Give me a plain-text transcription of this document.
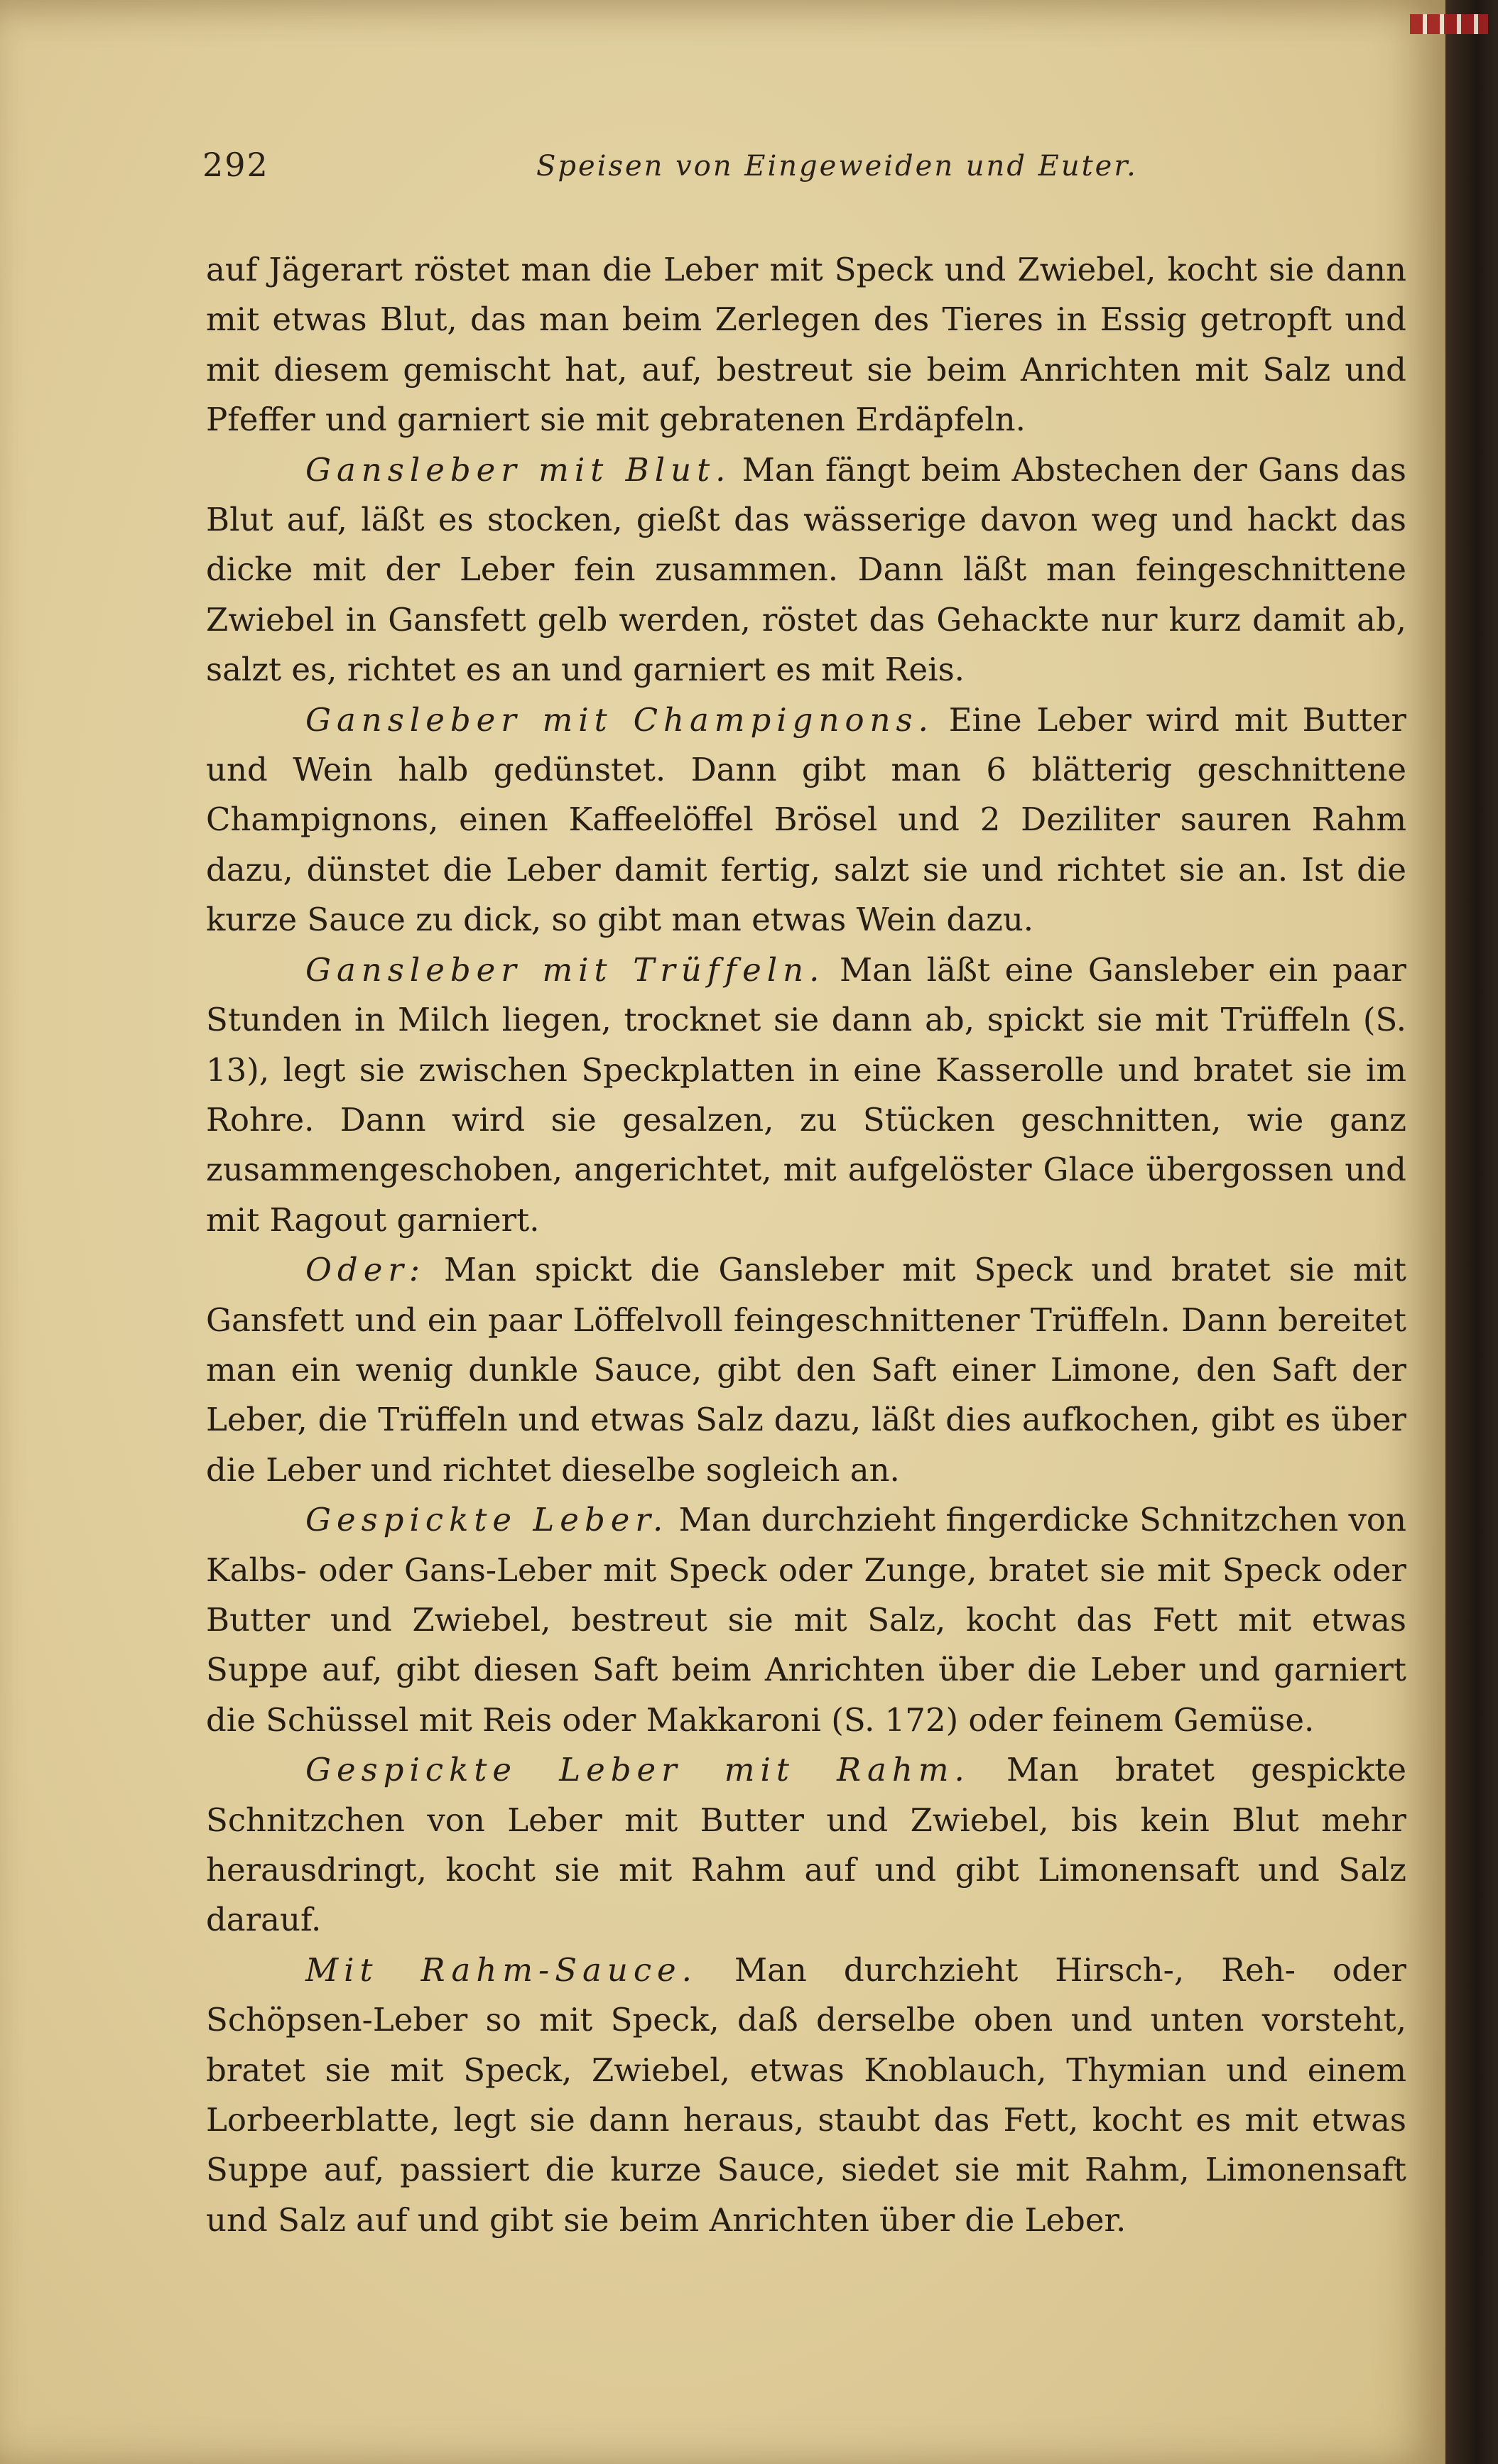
292	Speisen von Eingeweiden und Euter.

auf Jägerart röstet man die Leber mit Speck und Zwiebel, kocht sie dann mit etwas Blut, das man beim Zerlegen des Tieres in Essig getropft und mit diesem gemischt hat, auf, bestreut sie beim Anrichten mit Salz und Pfeffer und garniert sie mit gebratenen Erdäpfeln.

Gansleber mit Blut. Man fängt beim Abstechen der Gans das Blut auf, läßt es stocken, gießt das wässerige davon weg und hackt das dicke mit der Leber fein zusammen. Dann läßt man feingeschnittene Zwiebel in Gansfett gelb werden, röstet das Gehackte nur kurz damit ab, salzt es, richtet es an und garniert es mit Reis.

Gansleber mit Champignons. Eine Leber wird mit Butter und Wein halb gedünstet. Dann gibt man 6 blätterig geschnittene Champignons, einen Kaffeelöffel Brösel und 2 Deziliter sauren Rahm dazu, dünstet die Leber damit fertig, salzt sie und richtet sie an. Ist die kurze Sauce zu dick, so gibt man etwas Wein dazu.

Gansleber mit Trüffeln. Man läßt eine Gansleber ein paar Stunden in Milch liegen, trocknet sie dann ab, spickt sie mit Trüffeln (S. 13), legt sie zwischen Speckplatten in eine Kasserolle und bratet sie im Rohre. Dann wird sie gesalzen, zu Stücken geschnitten, wie ganz zusammengeschoben, angerichtet, mit aufgelöster Glace übergossen und mit Ragout garniert.

Oder: Man spickt die Gansleber mit Speck und bratet sie mit Gansfett und ein paar Löffelvoll feingeschnittener Trüffeln. Dann bereitet man ein wenig dunkle Sauce, gibt den Saft einer Limone, den Saft der Leber, die Trüffeln und etwas Salz dazu, läßt dies aufkochen, gibt es über die Leber und richtet dieselbe sogleich an.

Gespickte Leber. Man durchzieht fingerdicke Schnitzchen von Kalbs- oder Gans-Leber mit Speck oder Zunge, bratet sie mit Speck oder Butter und Zwiebel, bestreut sie mit Salz, kocht das Fett mit etwas Suppe auf, gibt diesen Saft beim Anrichten über die Leber und garniert die Schüssel mit Reis oder Makkaroni (S. 172) oder feinem Gemüse.

Gespickte Leber mit Rahm. Man bratet gespickte Schnitzchen von Leber mit Butter und Zwiebel, bis kein Blut mehr herausdringt, kocht sie mit Rahm auf und gibt Limonensaft und Salz darauf.

Mit Rahm-Sauce. Man durchzieht Hirsch-, Reh- oder Schöpsen-Leber so mit Speck, daß derselbe oben und unten vorsteht, bratet sie mit Speck, Zwiebel, etwas Knoblauch, Thymian und einem Lorbeerblatte, legt sie dann heraus, staubt das Fett, kocht es mit etwas Suppe auf, passiert die kurze Sauce, siedet sie mit Rahm, Limonensaft und Salz auf und gibt sie beim Anrichten über die Leber.
